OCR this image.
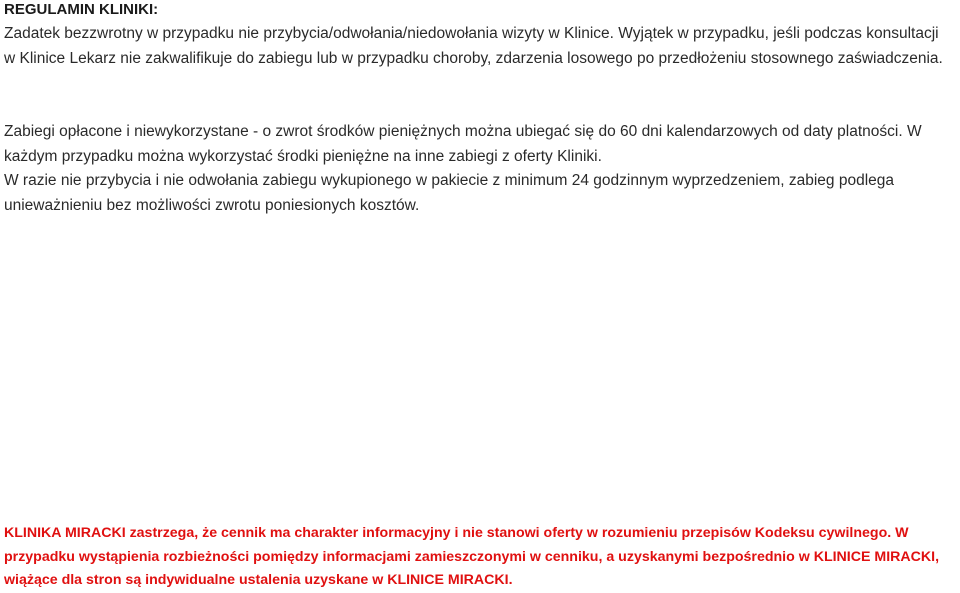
REGULAMIN KLINIKI:
Zadatek bezzwrotny w przypadku nie przybycia/odwołania/niedowołania wizyty w Klinice. Wyjątek w przypadku, jeśli podczas konsultacji w Klinice Lekarz nie zakwalifikuje do zabiegu lub w przypadku choroby, zdarzenia losowego po przedłożeniu stosownego zaświadczenia.
Zabiegi opłacone i niewykorzystane - o zwrot środków pieniężnych można ubiegać się do 60 dni kalendarzowych od daty platności. W każdym przypadku można wykorzystać środki pieniężne na inne zabiegi z oferty Kliniki.
W razie nie przybycia i nie odwołania zabiegu wykupionego w pakiecie z minimum 24 godzinnym wyprzedzeniem, zabieg podlega unieważnieniu bez możliwości zwrotu poniesionych kosztów.
KLINIKA MIRACKI zastrzega, że cennik ma charakter informacyjny i nie stanowi oferty w rozumieniu przepisów Kodeksu cywilnego. W przypadku wystąpienia rozbieżności pomiędzy informacjami zamieszczonymi w cenniku, a uzyskanymi bezpośrednio w KLINICE MIRACKI, wiążące dla stron są indywidualne ustalenia uzyskane w KLINICE MIRACKI.
